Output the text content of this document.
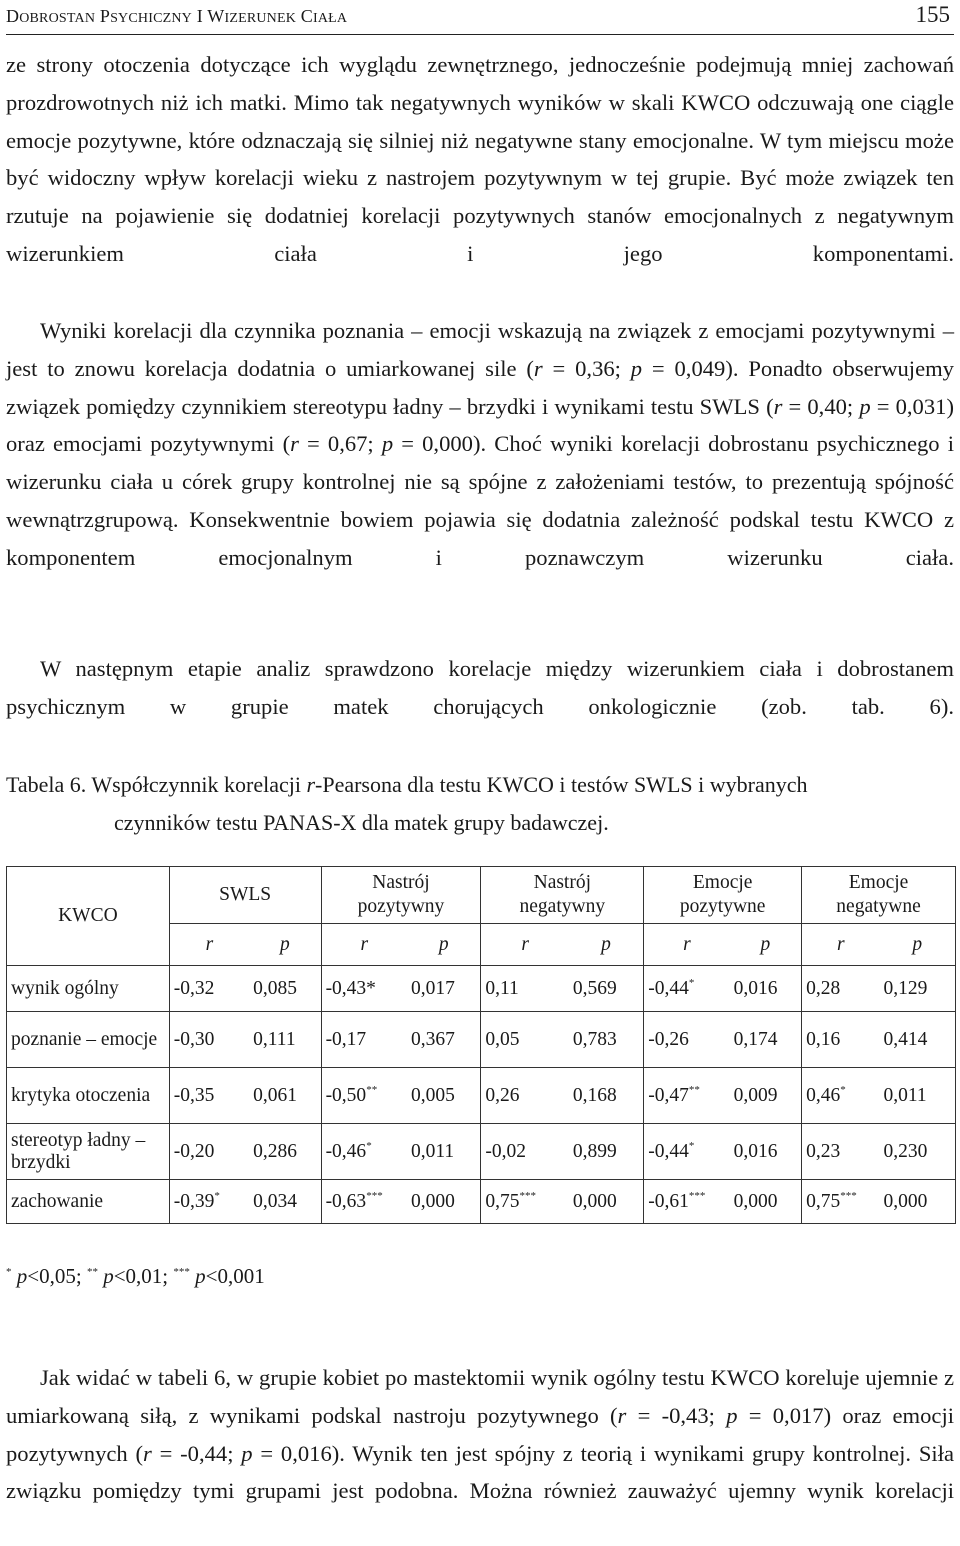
DOBROSTAN PSYCHICZNY I WIZERUNEK CIAŁA	155

ze strony otoczenia dotyczące ich wyglądu zewnętrznego, jednocześnie podejmują mniej zachowań prozdrowotnych niż ich matki. Mimo tak negatywnych wyników w skali KWCO odczuwają one ciągle emocje pozytywne, które odznaczają się silniej niż negatywne stany emocjonalne. W tym miejscu może być widoczny wpływ korelacji wieku z nastrojem pozytywnym w tej grupie. Być może związek ten rzutuje na pojawienie się dodatniej korelacji pozytywnych stanów emocjonalnych z negatywnym wizerunkiem ciała i jego komponentami.

Wyniki korelacji dla czynnika poznania – emocji wskazują na związek z emocjami pozytywnymi – jest to znowu korelacja dodatnia o umiarkowanej sile (r = 0,36; p = 0,049). Ponadto obserwujemy związek pomiędzy czynnikiem stereotypu ładny – brzydki i wynikami testu SWLS (r = 0,40; p = 0,031) oraz emocjami pozytywnymi (r = 0,67; p = 0,000). Choć wyniki korelacji dobrostanu psychicznego i wizerunku ciała u córek grupy kontrolnej nie są spójne z założeniami testów, to prezentują spójność wewnątrzgrupową. Konsekwentnie bowiem pojawia się dodatnia zależność podskal testu KWCO z komponentem emocjonalnym i poznawczym wizerunku ciała.

W następnym etapie analiz sprawdzono korelacje między wizerunkiem ciała i dobrostanem psychicznym w grupie matek chorujących onkologicznie (zob. tab. 6).

Tabela 6. Współczynnik korelacji r-Pearsona dla testu KWCO i testów SWLS i wybranych
czynników testu PANAS-X dla matek grupy badawczej.
KWCO	SWLS		Nastrój pozytywny		Nastrój negatywny		Emocje pozytywne		Emocje negatywne	
	r	p	r	p	r	p	r	p	r	p
wynik ogólny	-0,32	0,085	-0,43*	0,017	0,11	0,569	-0,44*	0,016	0,28	0,129
poznanie – emocje	-0,30	0,111	-0,17	0,367	0,05	0,783	-0,26	0,174	0,16	0,414
krytyka otoczenia	-0,35	0,061	-0,50**	0,005	0,26	0,168	-0,47**	0,009	0,46*	0,011
stereotyp ładny – brzydki	-0,20	0,286	-0,46*	0,011	-0,02	0,899	-0,44*	0,016	0,23	0,230
zachowanie	-0,39*	0,034	-0,63***	0,000	0,75***	0,000	-0,61***	0,000	0,75***	0,000
* p<0,05; ** p<0,01; *** p<0,001

Jak widać w tabeli 6, w grupie kobiet po mastektomii wynik ogólny testu KWCO koreluje ujemnie z umiarkowaną siłą, z wynikami podskal nastroju pozytywnego (r = -0,43; p = 0,017) oraz emocji pozytywnych (r = -0,44; p = 0,016). Wynik ten jest spójny z teorią i wynikami grupy kontrolnej. Siła związku pomiędzy tymi grupami jest podobna. Można również zauważyć ujemny wynik korelacji
